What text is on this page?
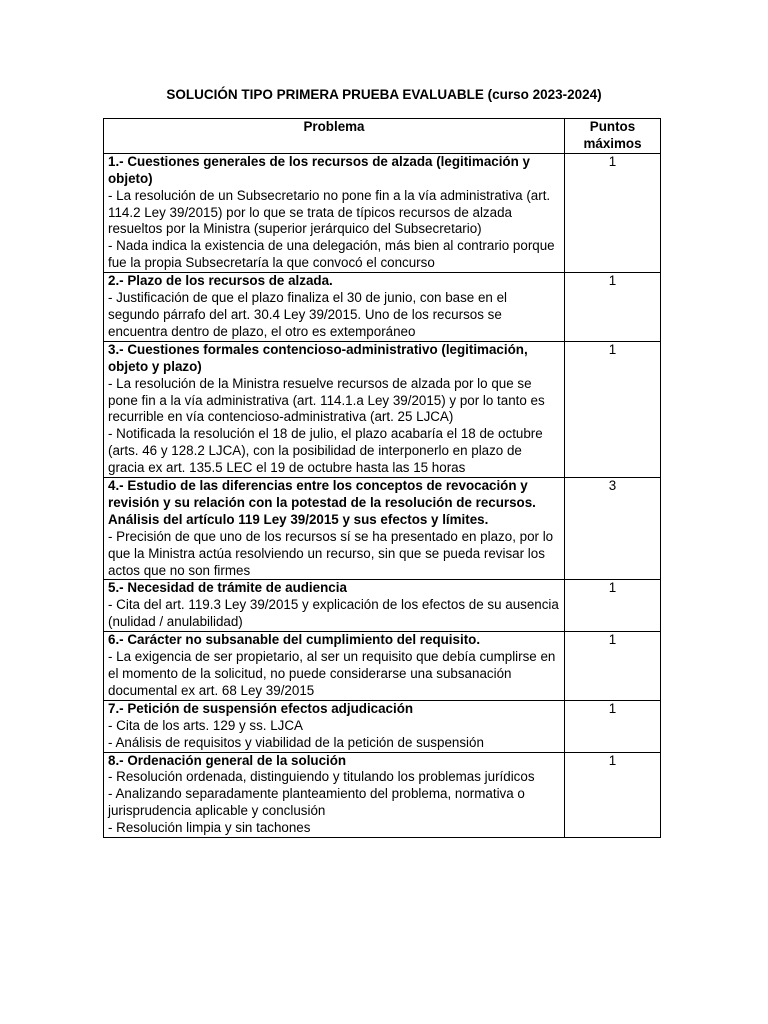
SOLUCIÓN TIPO PRIMERA PRUEBA EVALUABLE (curso 2023-2024)
Problema	Puntos máximos

1.- Cuestiones generales de los recursos de alzada (legitimación y objeto)
- La resolución de un Subsecretario no pone fin a la vía administrativa (art. 114.2 Ley 39/2015) por lo que se trata de típicos recursos de alzada resueltos por la Ministra (superior jerárquico del Subsecretario)
- Nada indica la existencia de una delegación, más bien al contrario porque fue la propia Subsecretaría la que convocó el concurso	1

2.- Plazo de los recursos de alzada.
- Justificación de que el plazo finaliza el 30 de junio, con base en el segundo párrafo del art. 30.4 Ley 39/2015. Uno de los recursos se encuentra dentro de plazo, el otro es extemporáneo	1

3.- Cuestiones formales contencioso-administrativo (legitimación, objeto y plazo)
- La resolución de la Ministra resuelve recursos de alzada por lo que se pone fin a la vía administrativa (art. 114.1.a Ley 39/2015) y por lo tanto es recurrible en vía contencioso-administrativa (art. 25 LJCA)
- Notificada la resolución el 18 de julio, el plazo acabaría el 18 de octubre (arts. 46 y 128.2 LJCA), con la posibilidad de interponerlo en plazo de gracia ex art. 135.5 LEC el 19 de octubre hasta las 15 horas	1

4.- Estudio de las diferencias entre los conceptos de revocación y revisión y su relación con la potestad de la resolución de recursos. Análisis del artículo 119 Ley 39/2015 y sus efectos y límites.
- Precisión de que uno de los recursos sí se ha presentado en plazo, por lo que la Ministra actúa resolviendo un recurso, sin que se pueda revisar los actos que no son firmes	3

5.- Necesidad de trámite de audiencia
- Cita del art. 119.3 Ley 39/2015 y explicación de los efectos de su ausencia (nulidad / anulabilidad)	1

6.- Carácter no subsanable del cumplimiento del requisito.
- La exigencia de ser propietario, al ser un requisito que debía cumplirse en el momento de la solicitud, no puede considerarse una subsanación documental ex art. 68 Ley 39/2015	1

7.- Petición de suspensión efectos adjudicación
- Cita de los arts. 129 y ss. LJCA
- Análisis de requisitos y viabilidad de la petición de suspensión	1

8.- Ordenación general de la solución
- Resolución ordenada, distinguiendo y titulando los problemas jurídicos
- Analizando separadamente planteamiento del problema, normativa o jurisprudencia aplicable y conclusión
- Resolución limpia y sin tachones	1
